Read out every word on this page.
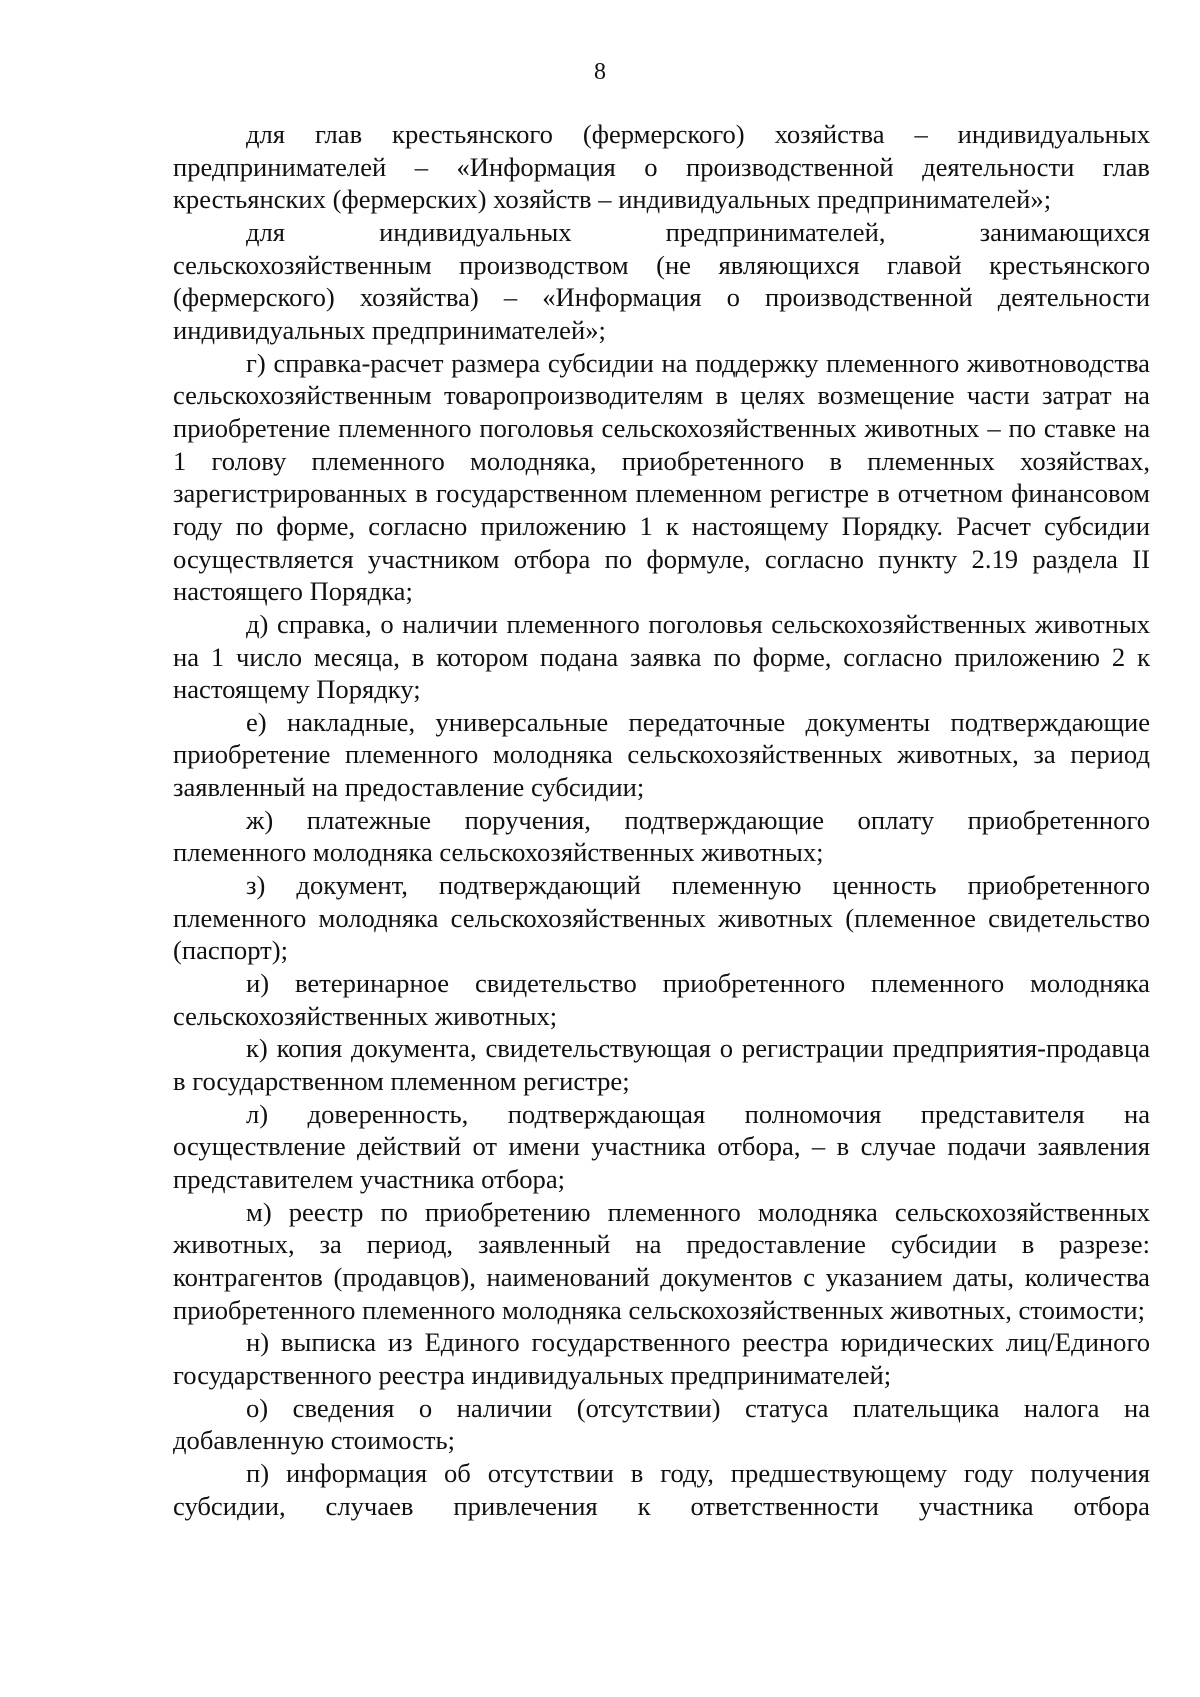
8

для глав крестьянского (фермерского) хозяйства – индивидуальных предпринимателей – «Информация о производственной деятельности глав крестьянских (фермерских) хозяйств – индивидуальных предпринимателей»;

для индивидуальных предпринимателей, занимающихся сельскохозяйственным производством (не являющихся главой крестьянского (фермерского) хозяйства) – «Информация о производственной деятельности индивидуальных предпринимателей»;

г) справка-расчет размера субсидии на поддержку племенного животноводства сельскохозяйственным товаропроизводителям в целях возмещение части затрат на приобретение племенного поголовья сельскохозяйственных животных – по ставке на 1 голову племенного молодняка, приобретенного в племенных хозяйствах, зарегистрированных в государственном племенном регистре в отчетном финансовом году по форме, согласно приложению 1 к настоящему Порядку. Расчет субсидии осуществляется участником отбора по формуле, согласно пункту 2.19 раздела II настоящего Порядка;

д) справка, о наличии племенного поголовья сельскохозяйственных животных на 1 число месяца, в котором подана заявка по форме, согласно приложению 2 к настоящему Порядку;

е) накладные, универсальные передаточные документы подтверждающие приобретение племенного молодняка сельскохозяйственных животных, за период заявленный на предоставление субсидии;

ж) платежные поручения, подтверждающие оплату приобретенного племенного молодняка сельскохозяйственных животных;

з) документ, подтверждающий племенную ценность приобретенного племенного молодняка сельскохозяйственных животных (племенное свидетельство (паспорт);

и) ветеринарное свидетельство приобретенного племенного молодняка сельскохозяйственных животных;

к) копия документа, свидетельствующая о регистрации предприятия-продавца в государственном племенном регистре;

л) доверенность, подтверждающая полномочия представителя на осуществление действий от имени участника отбора, – в случае подачи заявления представителем участника отбора;

м) реестр по приобретению племенного молодняка сельскохозяйственных животных, за период, заявленный на предоставление субсидии в разрезе: контрагентов (продавцов), наименований документов с указанием даты, количества приобретенного племенного молодняка сельскохозяйственных животных, стоимости;

н) выписка из Единого государственного реестра юридических лиц/Единого государственного реестра индивидуальных предпринимателей;

о) сведения о наличии (отсутствии) статуса плательщика налога на добавленную стоимость;

п) информация об отсутствии в году, предшествующему году получения субсидии, случаев привлечения к ответственности участника отбора
